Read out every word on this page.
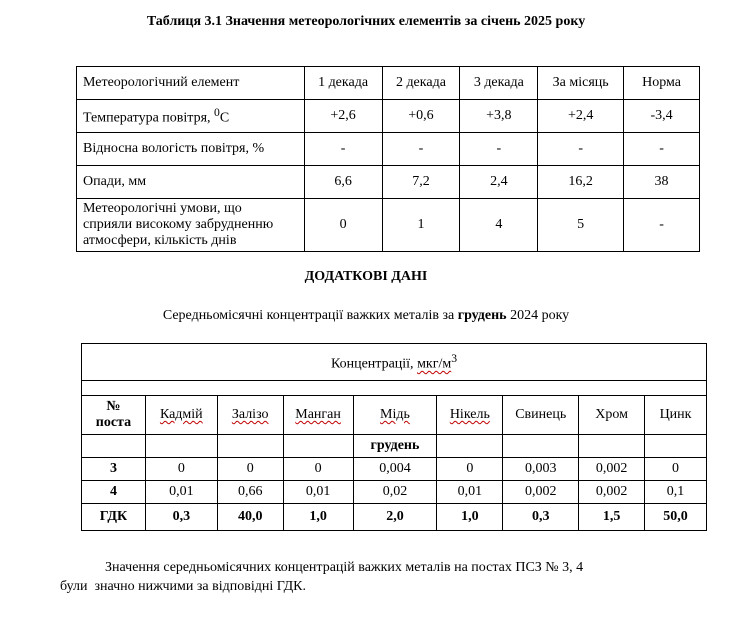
Таблиця 3.1 Значення метеорологічних елементів за січень 2025 року
Метеорологічний елемент	1 декада	2 декада	3 декада	За місяць	Норма
Температура повітря, $^0$C	+2,6	+0,6	+3,8	+2,4	-3,4
Відносна вологість повітря, %	-	-	-	-	-
Опади, мм	6,6	7,2	2,4	16,2	38

Метеорологічні умови, що
сприяли високому забрудненню
атмосфери, кількість днів	0	1	4	5	-
ДОДАТКОВІ ДАНІ
Середньомісячні концентрації важких металів за грудень 2024 року
Концентрації, мкг/$м^3$

№
поста	Кадмій	Залізо	Манган	Мідь	Нікель	Свинець	Хром	Цинк
				грудень				
3	0	0	0	0,004	0	0,003	0,002	0
4	0,01	0,66	0,01	0,02	0,01	0,002	0,002	0,1
ГДК	0,3	40,0	1,0	2,0	1,0	0,3	1,5	50,0
Значення середньомісячних концентрацій важких металів на постах ПСЗ № 3, 4
були  значно нижчими за відповідні ГДК.
